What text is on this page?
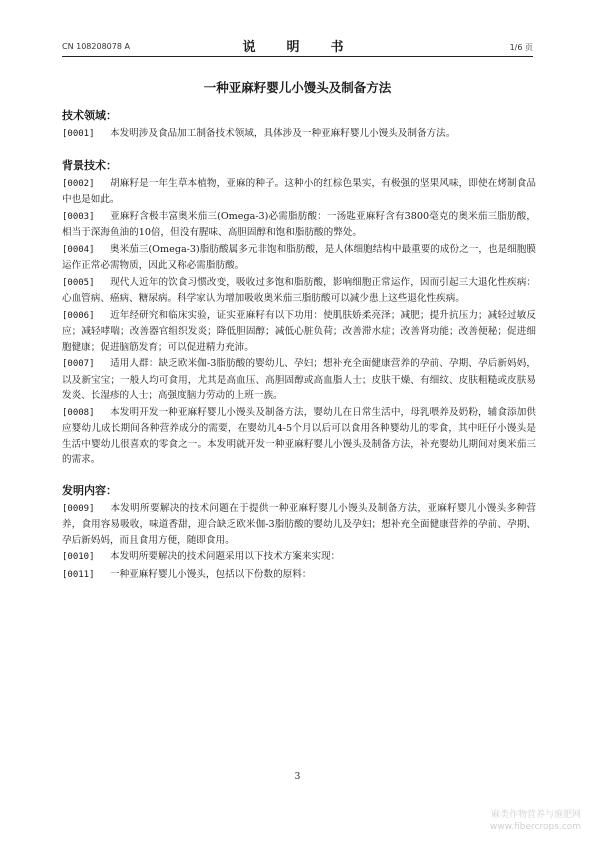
CN 108208078 A	说　明　书	1/6 页
一种亚麻籽婴儿小馒头及制备方法
技术领域：

[0001] 本发明涉及食品加工制备技术领域，具体涉及一种亚麻籽婴儿小馒头及制备方法。

背景技术：

[0002] 胡麻籽是一年生草本植物，亚麻的种子。这种小的红棕色果实，有极强的坚果风味，即使在烤制食品中也是如此。

[0003] 亚麻籽含极丰富奥米茄三(Omega-3)必需脂肪酸：一汤匙亚麻籽含有3800毫克的奥米茄三脂肪酸，相当于深海鱼油的10倍，但没有腥味、高胆固醇和饱和脂肪酸的弊处。

[0004] 奥米茄三(Omega-3)脂肪酸属多元非饱和脂肪酸，是人体细胞结构中最重要的成份之一，也是细胞膜运作正常必需物质，因此又称必需脂肪酸。

[0005] 现代人近年的饮食习惯改变，吸收过多饱和脂肪酸，影响细胞正常运作，因而引起三大退化性疾病：心血管病、癌病、糖尿病。科学家认为增加吸收奥米茄三脂肪酸可以减少患上这些退化性疾病。

[0006] 近年经研究和临床实验，证实亚麻籽有以下功用：使肌肤娇柔亮泽；减肥；提升抗压力；减轻过敏反应；减轻哮喘；改善器官组织发炎；降低胆固醇；减低心脏负荷；改善滞水症；改善肾功能；改善便秘；促进细胞健康；促进脑筋发育；可以促进精力充沛。

[0007] 适用人群：缺乏欧米伽-3脂肪酸的婴幼儿、孕妇；想补充全面健康营养的孕前、孕期、孕后新妈妈，以及新宝宝；一般人均可食用，尤其是高血压、高胆固醇或高血脂人士；皮肤干燥、有细纹、皮肤粗糙或皮肤易发炎、长湿疹的人士；高强度脑力劳动的上班一族。

[0008] 本发明开发一种亚麻籽婴儿小馒头及制备方法，婴幼儿在日常生活中，母乳喂养及奶粉，辅食添加供应婴幼儿成长期间各种营养成分的需要，在婴幼儿4-5个月以后可以食用各种婴幼儿的零食，其中旺仔小馒头是生活中婴幼儿很喜欢的零食之一。本发明就开发一种亚麻籽婴儿小馒头及制备方法，补充婴幼儿期间对奥米茄三的需求。

发明内容：

[0009] 本发明所要解决的技术问题在于提供一种亚麻籽婴儿小馒头及制备方法，亚麻籽婴儿小馒头多种营养，食用容易吸收，味道香甜，迎合缺乏欧米伽-3脂肪酸的婴幼儿及孕妇；想补充全面健康营养的孕前、孕期、孕后新妈妈，而且食用方便，随即食用。

[0010] 本发明所要解决的技术问题采用以下技术方案来实现：

[0011] 一种亚麻籽婴儿小馒头，包括以下份数的原料：

3
麻类作物营养与施肥网
www.fibercrops.com
